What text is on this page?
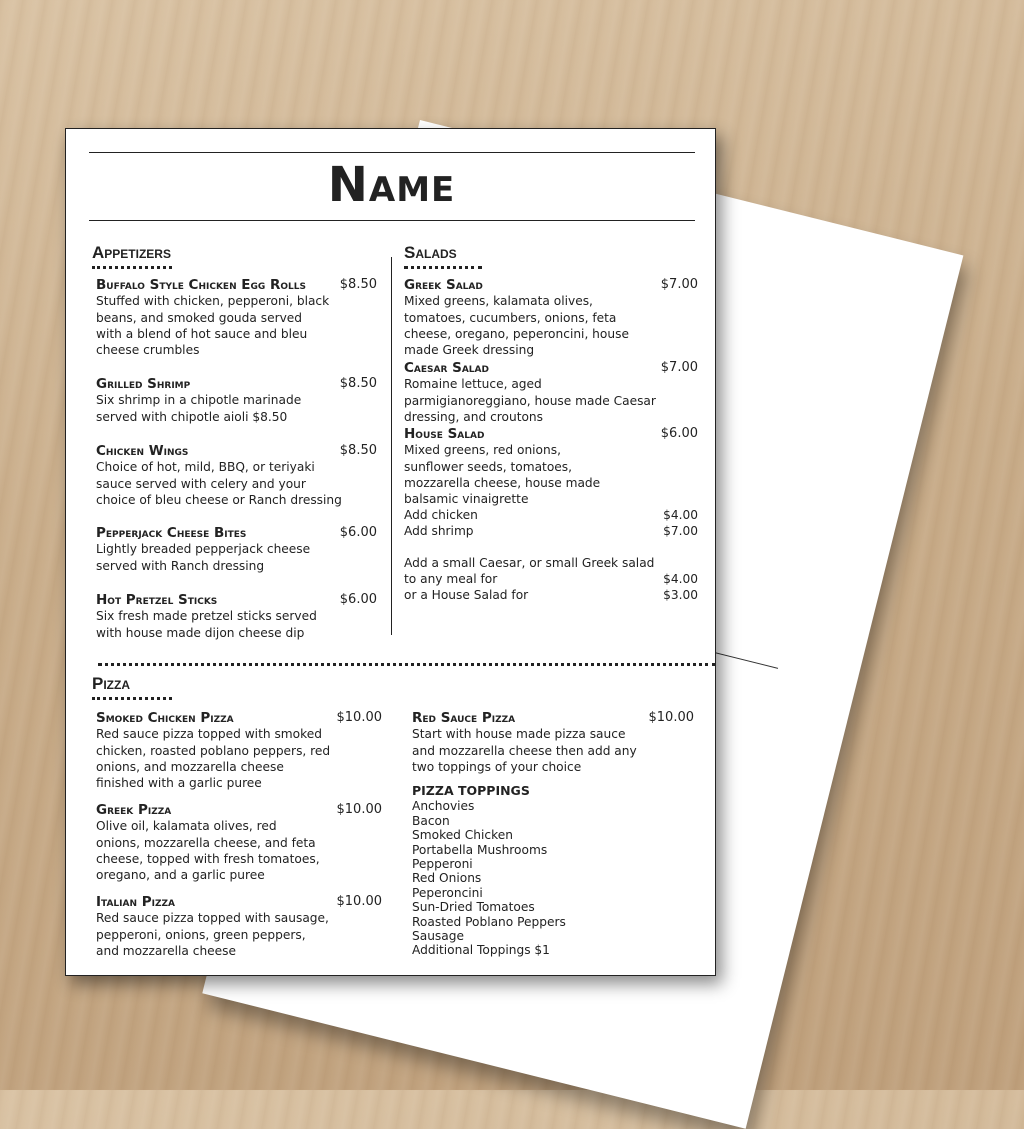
Name
Appetizers
Buffalo Style Chicken Egg Rolls	$8.50
Stuffed with chicken, pepperoni, black beans, and smoked gouda served with a blend of hot sauce and bleu cheese crumbles
Grilled Shrimp	$8.50
Six shrimp in a chipotle marinade served with chipotle aioli $8.50
Chicken Wings	$8.50
Choice of hot, mild, BBQ, or teriyaki sauce served with celery and your choice of bleu cheese or Ranch dressing
Pepperjack Cheese Bites	$6.00
Lightly breaded pepperjack cheese served with Ranch dressing
Hot Pretzel Sticks	$6.00
Six fresh made pretzel sticks served with house made dijon cheese dip
Salads
Greek Salad	$7.00
Mixed greens, kalamata olives, tomatoes, cucumbers, onions, feta cheese, oregano, peperoncini, house made Greek dressing
Caesar Salad	$7.00
Romaine lettuce, aged parmigianoreggiano, house made Caesar dressing, and croutons
House Salad	$6.00
Mixed greens, red onions, sunflower seeds, tomatoes, mozzarella cheese, house made balsamic vinaigrette
Add chicken	$4.00
Add shrimp	$7.00
Add a small Caesar, or small Greek salad
to any meal for	$4.00
or a House Salad for	$3.00
Pizza
Smoked Chicken Pizza	$10.00
Red sauce pizza topped with smoked chicken, roasted poblano peppers, red onions, and mozzarella cheese finished with a garlic puree
Greek Pizza	$10.00
Olive oil, kalamata olives, red onions, mozzarella cheese, and feta cheese, topped with fresh tomatoes, oregano, and a garlic puree
Italian Pizza	$10.00
Red sauce pizza topped with sausage, pepperoni, onions, green peppers, and mozzarella cheese
Red Sauce Pizza	$10.00
Start with house made pizza sauce and mozzarella cheese then add any two toppings of your choice
PIZZA TOPPINGS
Anchovies
Bacon
Smoked Chicken
Portabella Mushrooms
Pepperoni
Red Onions
Peperoncini
Sun-Dried Tomatoes
Roasted Poblano Peppers
Sausage
Additional Toppings $1
